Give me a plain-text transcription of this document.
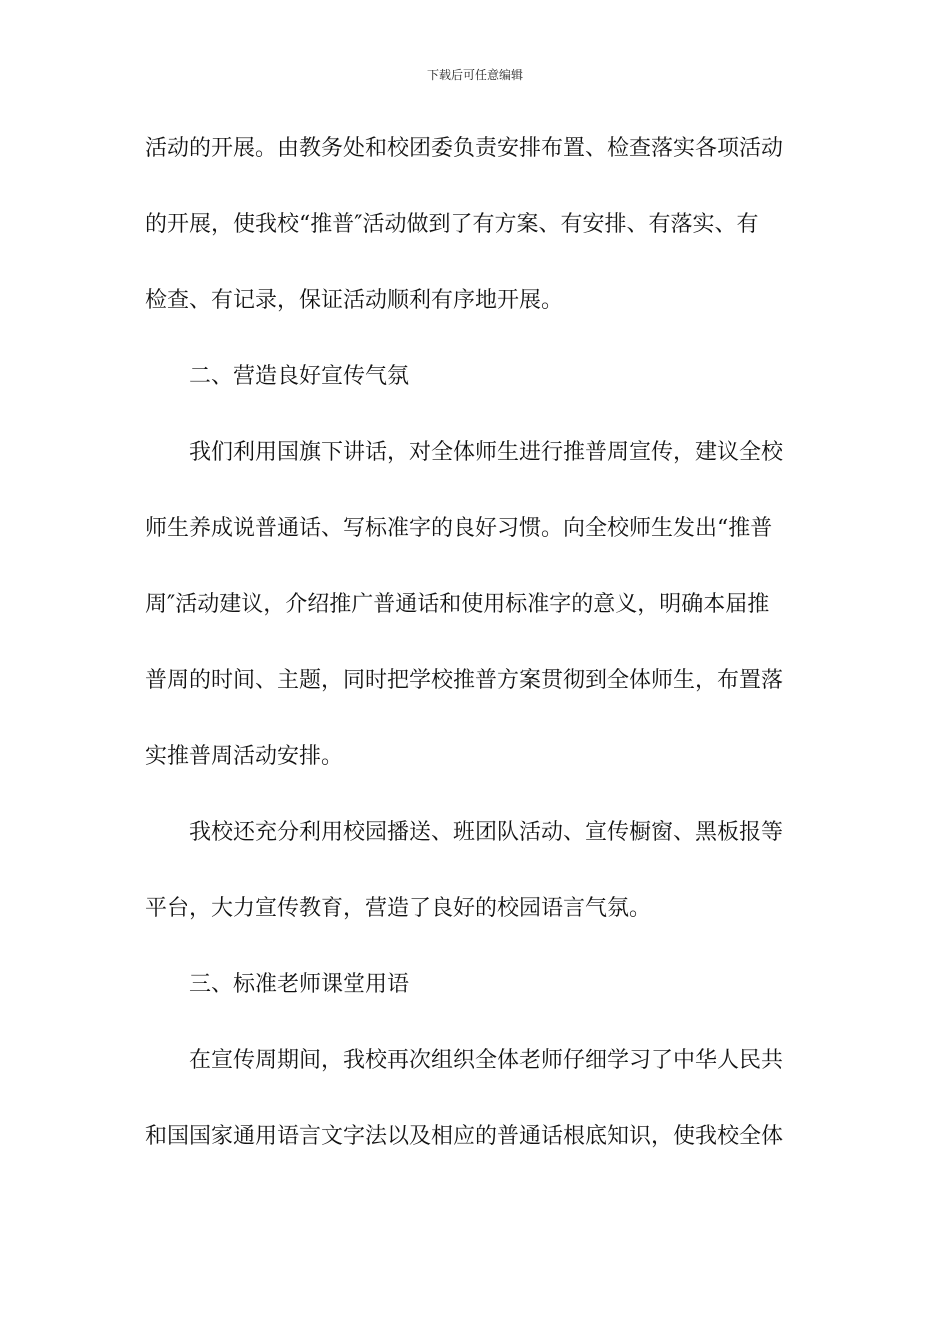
下载后可任意编辑
活动的开展。由教务处和校团委负责安排布置、检查落实各项活动
的开展，使我校“推普″活动做到了有方案、有安排、有落实、有
检查、有记录，保证活动顺利有序地开展。
二、营造良好宣传气氛
我们利用国旗下讲话，对全体师生进行推普周宣传，建议全校
师生养成说普通话、写标准字的良好习惯。向全校师生发出“推普
周″活动建议，介绍推广普通话和使用标准字的意义，明确本届推
普周的时间、主题，同时把学校推普方案贯彻到全体师生，布置落
实推普周活动安排。
我校还充分利用校园播送、班团队活动、宣传橱窗、黑板报等
平台，大力宣传教育，营造了良好的校园语言气氛。
三、标准老师课堂用语
在宣传周期间，我校再次组织全体老师仔细学习了中华人民共
和国国家通用语言文字法以及相应的普通话根底知识，使我校全体
